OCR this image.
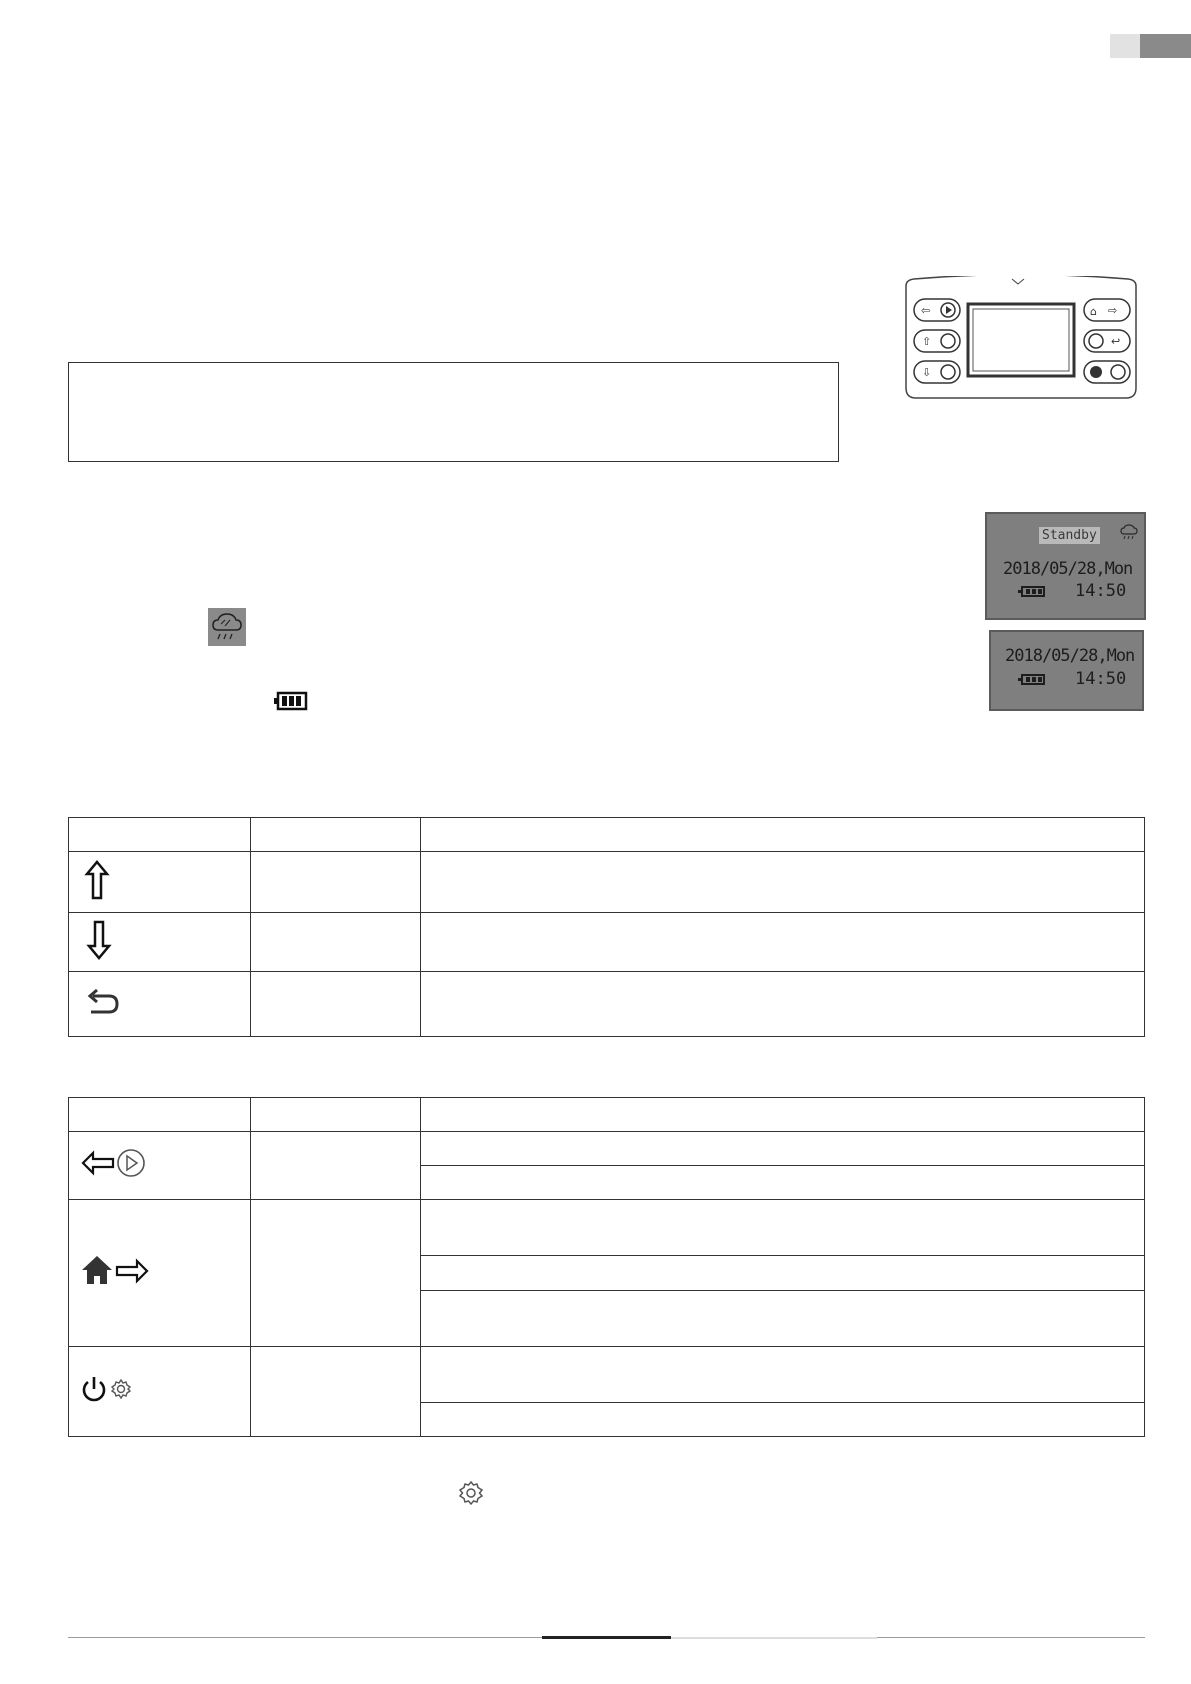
⇦
⇧
⇩
⌂ ⇨
↩
Standby
2018/05/28,Mon
14:50
2018/05/28,Mon
14:50
